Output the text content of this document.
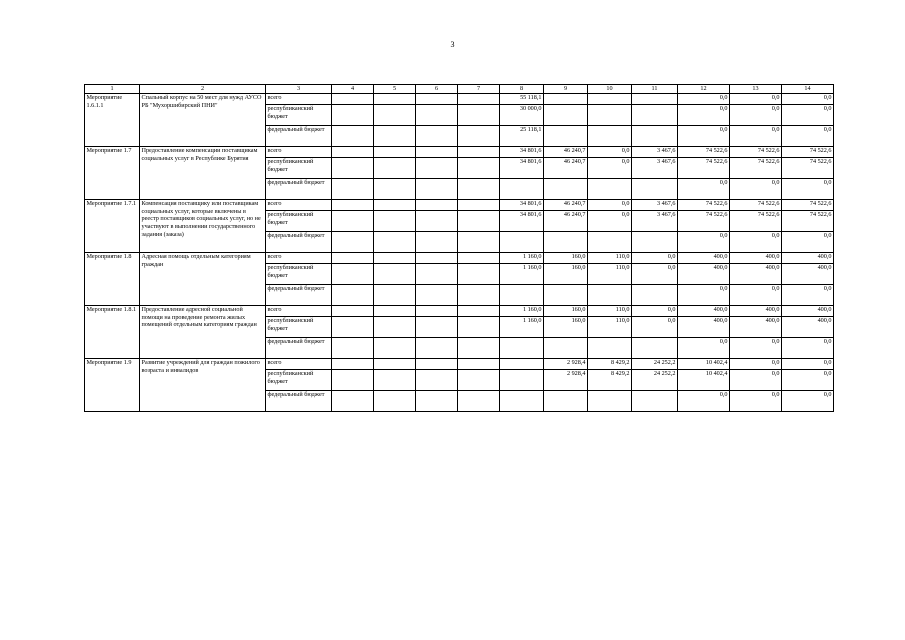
3
1	2	3	4	5	6	7	8	9	10	11	12	13	14
Мероприятие 1.6.1.1	Спальный корпус на 50 мест для нужд АУСО РБ "Мухоршибирский ПНИ"	всего					55 118,1				0,0	0,0	0,0
		республиканский бюджет					30 000,0				0,0	0,0	0,0
		федеральный бюджет					25 118,1				0,0	0,0	0,0
Мероприятие 1.7	Предоставление компенсации поставщикам социальных услуг в Республике Бурятия	всего					34 801,6	46 240,7	0,0	3 467,6	74 522,6	74 522,6	74 522,6
		республиканский бюджет					34 801,6	46 240,7	0,0	3 467,6	74 522,6	74 522,6	74 522,6
		федеральный бюджет									0,0	0,0	0,0
Мероприятие 1.7.1	Компенсация поставщику или поставщикам социальных услуг, которые включены в реестр поставщиков социальных услуг, но не участвуют в выполнении государственного задания (заказа)	всего					34 801,6	46 240,7	0,0	3 467,6	74 522,6	74 522,6	74 522,6
		республиканский бюджет					34 801,6	46 240,7	0,0	3 467,6	74 522,6	74 522,6	74 522,6
		федеральный бюджет									0,0	0,0	0,0
Мероприятие 1.8	Адресная помощь отдельным категориям граждан	всего					1 160,0	160,0	110,0	0,0	400,0	400,0	400,0
		республиканский бюджет					1 160,0	160,0	110,0	0,0	400,0	400,0	400,0
		федеральный бюджет									0,0	0,0	0,0
Мероприятие 1.8.1	Предоставление адресной социальной помощи на проведение ремонта жилых помещений отдельным категориям граждан	всего					1 160,0	160,0	110,0	0,0	400,0	400,0	400,0
		республиканский бюджет					1 160,0	160,0	110,0	0,0	400,0	400,0	400,0
		федеральный бюджет									0,0	0,0	0,0
Мероприятие 1.9	Развитие учреждений для граждан пожилого возраста и инвалидов	всего						2 928,4	8 429,2	24 252,2	10 402,4	0,0	0,0
		республиканский бюджет						2 928,4	8 429,2	24 252,2	10 402,4	0,0	0,0
		федеральный бюджет									0,0	0,0	0,0
